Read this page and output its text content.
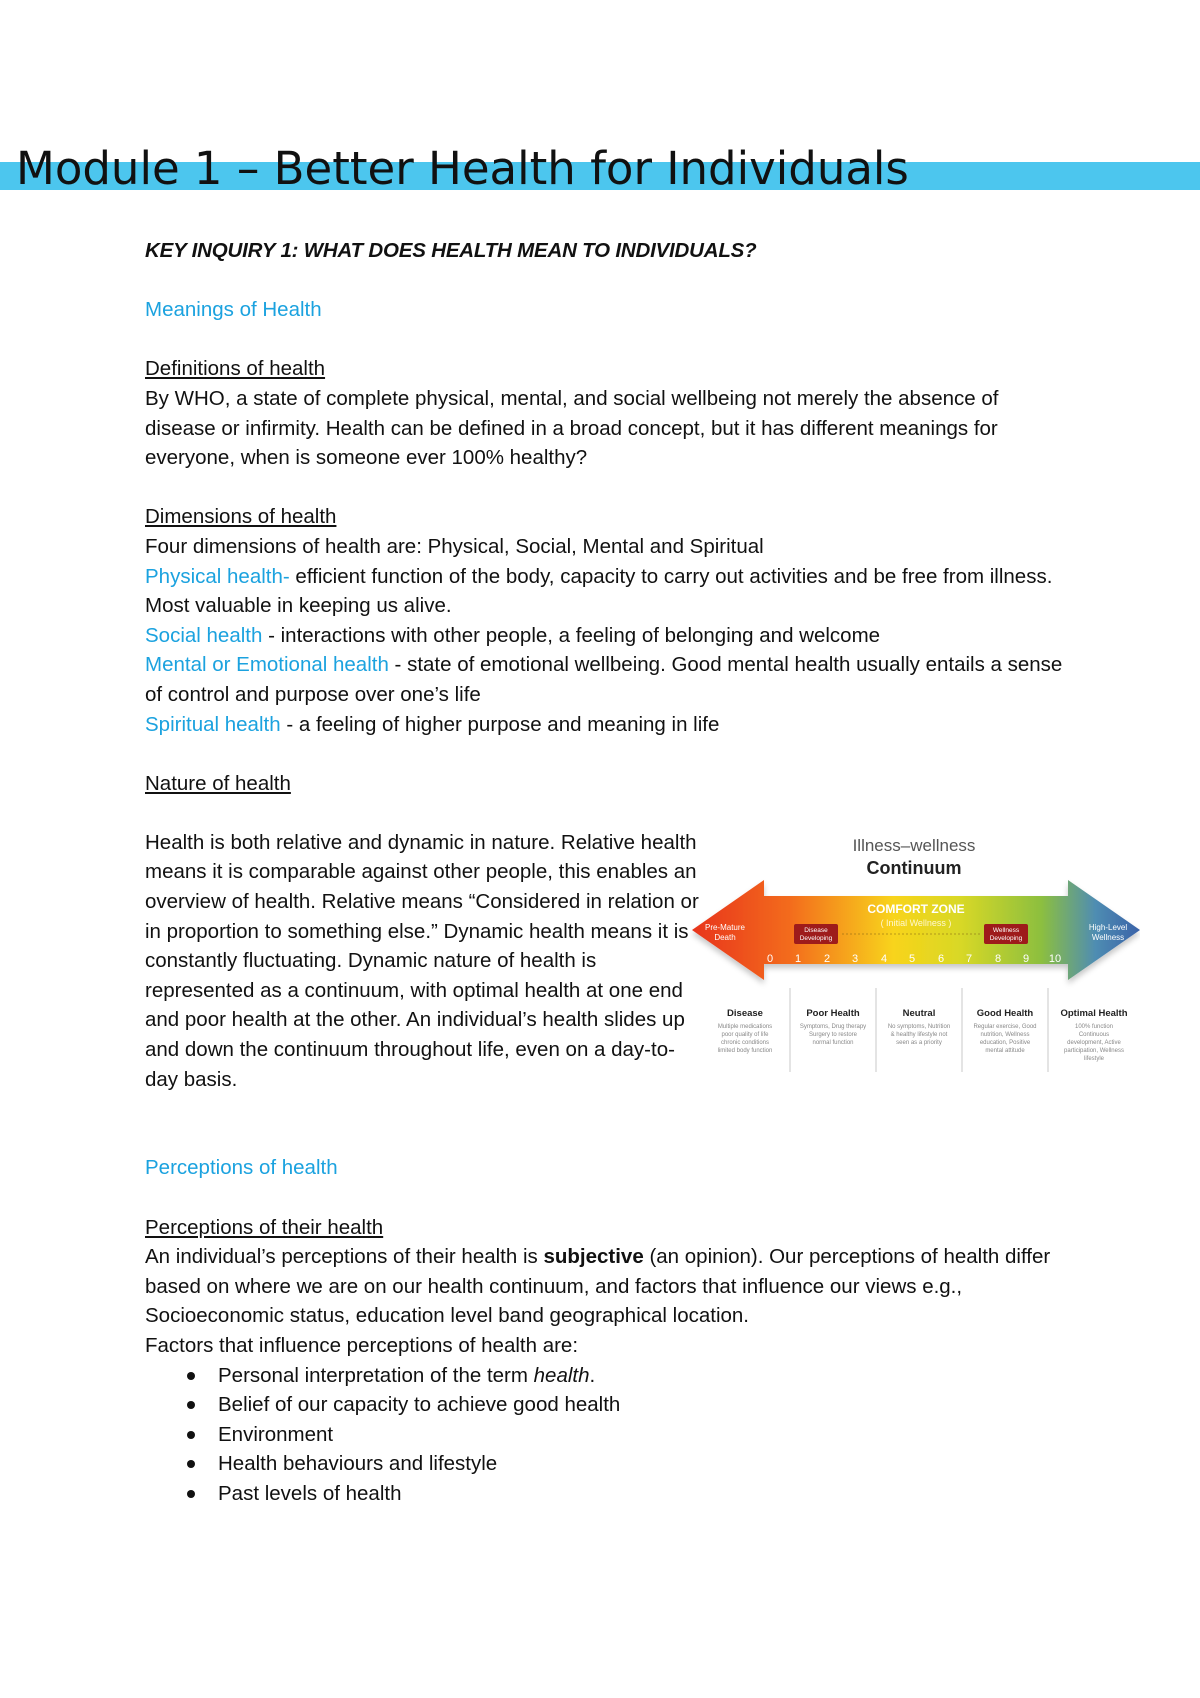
Module 1 – Better Health for Individuals

KEY INQUIRY 1: WHAT DOES HEALTH MEAN TO INDIVIDUALS?

Meanings of Health

Definitions of health

By WHO, a state of complete physical, mental, and social wellbeing not merely the absence of disease or infirmity. Health can be defined in a broad concept, but it has different meanings for everyone, when is someone ever 100% healthy?

Dimensions of health

Four dimensions of health are: Physical, Social, Mental and Spiritual

Physical health- efficient function of the body, capacity to carry out activities and be free from illness. Most valuable in keeping us alive.

Social health - interactions with other people, a feeling of belonging and welcome

Mental or Emotional health - state of emotional wellbeing. Good mental health usually entails a sense of control and purpose over one’s life

Spiritual health - a feeling of higher purpose and meaning in life

Nature of health

Health is both relative and dynamic in nature. Relative health means it is comparable against other people, this enables an overview of health. Relative means “Considered in relation or in proportion to something else.” Dynamic health means it is constantly fluctuating. Dynamic nature of health is represented as a continuum, with optimal health at one end and poor health at the other. An individual’s health slides up and down the continuum throughout life, even on a day-to-day basis.

Perceptions of health

Perceptions of their health

An individual’s perceptions of their health is subjective (an opinion). Our perceptions of health differ based on where we are on our health continuum, and factors that influence our views e.g., Socioeconomic status, education level band geographical location.

Factors that influence perceptions of health are:

Personal interpretation of the term health.
Belief of our capacity to achieve good health
Environment
Health behaviours and lifestyle
Past levels of health
Illness–wellness
Continuum
COMFORT ZONE
( Initial Wellness )
Pre-Mature
Death
High-Level
Wellness
Disease
Developing
Wellness
Developing
0 1 2 3 4 5 6 7 8 9 10
Disease
Multiple medications
poor quality of life
chronic conditions
limited body function
Poor Health
Symptoms, Drug therapy
Surgery to restore
normal function
Neutral
No symptoms, Nutrition
& healthy lifestyle not
seen as a priority
Good Health
Regular exercise, Good
nutrition, Wellness
education, Positive
mental attitude
Optimal Health
100% function
Continuous
development, Active
participation, Wellness
lifestyle
